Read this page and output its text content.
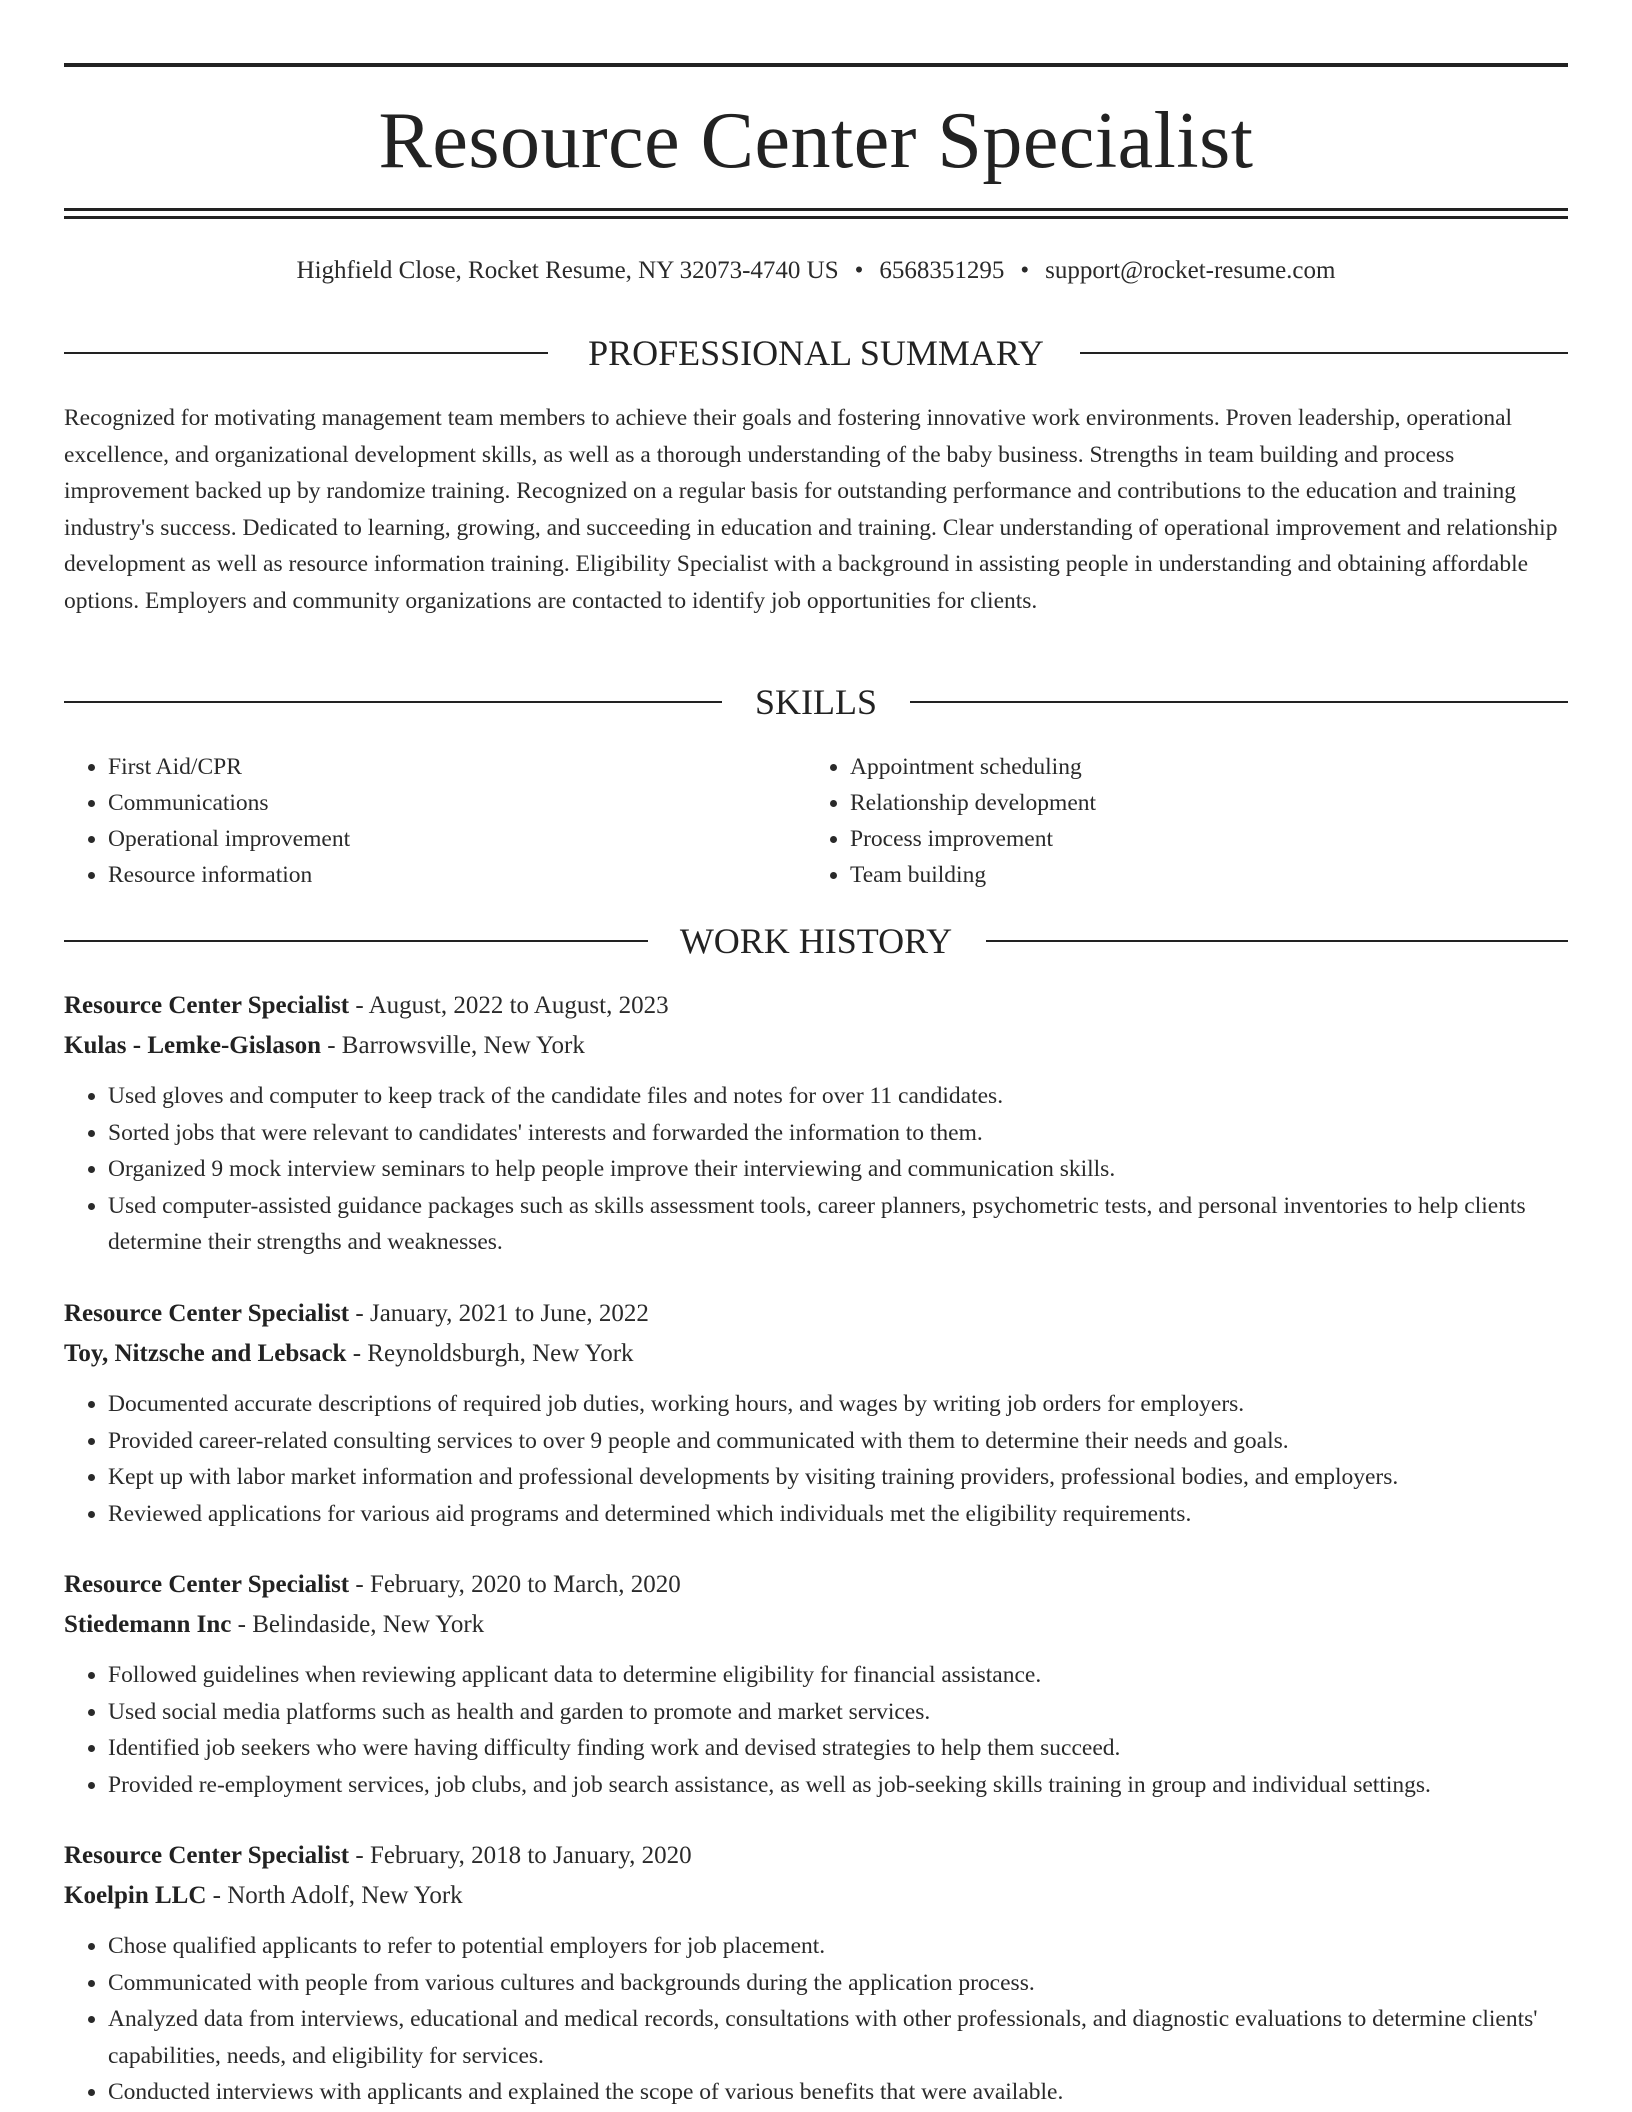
Resource Center Specialist
Highfield Close, Rocket Resume, NY 32073-4740 US • 6568351295 • support@rocket-resume.com
PROFESSIONAL SUMMARY

Recognized for motivating management team members to achieve their goals and fostering innovative work environments. Proven leadership, operational excellence, and organizational development skills, as well as a thorough understanding of the baby business. Strengths in team building and process improvement backed up by randomize training. Recognized on a regular basis for outstanding performance and contributions to the education and training industry's success. Dedicated to learning, growing, and succeeding in education and training. Clear understanding of operational improvement and relationship development as well as resource information training. Eligibility Specialist with a background in assisting people in understanding and obtaining affordable options. Employers and community organizations are contacted to identify job opportunities for clients.

SKILLS
• First Aid/CPR
• Communications
• Operational improvement
• Resource information
• Appointment scheduling
• Relationship development
• Process improvement
• Team building
WORK HISTORY

Resource Center Specialist - August, 2022 to August, 2023

Kulas - Lemke-Gislason - Barrowsville, New York

• Used gloves and computer to keep track of the candidate files and notes for over 11 candidates.
• Sorted jobs that were relevant to candidates' interests and forwarded the information to them.
• Organized 9 mock interview seminars to help people improve their interviewing and communication skills.
• Used computer-assisted guidance packages such as skills assessment tools, career planners, psychometric tests, and personal inventories to help clients determine their strengths and weaknesses.

Resource Center Specialist - January, 2021 to June, 2022

Toy, Nitzsche and Lebsack - Reynoldsburgh, New York

• Documented accurate descriptions of required job duties, working hours, and wages by writing job orders for employers.
• Provided career-related consulting services to over 9 people and communicated with them to determine their needs and goals.
• Kept up with labor market information and professional developments by visiting training providers, professional bodies, and employers.
• Reviewed applications for various aid programs and determined which individuals met the eligibility requirements.

Resource Center Specialist - February, 2020 to March, 2020

Stiedemann Inc - Belindaside, New York

• Followed guidelines when reviewing applicant data to determine eligibility for financial assistance.
• Used social media platforms such as health and garden to promote and market services.
• Identified job seekers who were having difficulty finding work and devised strategies to help them succeed.
• Provided re-employment services, job clubs, and job search assistance, as well as job-seeking skills training in group and individual settings.

Resource Center Specialist - February, 2018 to January, 2020

Koelpin LLC - North Adolf, New York

• Chose qualified applicants to refer to potential employers for job placement.
• Communicated with people from various cultures and backgrounds during the application process.
• Analyzed data from interviews, educational and medical records, consultations with other professionals, and diagnostic evaluations to determine clients' capabilities, needs, and eligibility for services.
• Conducted interviews with applicants and explained the scope of various benefits that were available.
